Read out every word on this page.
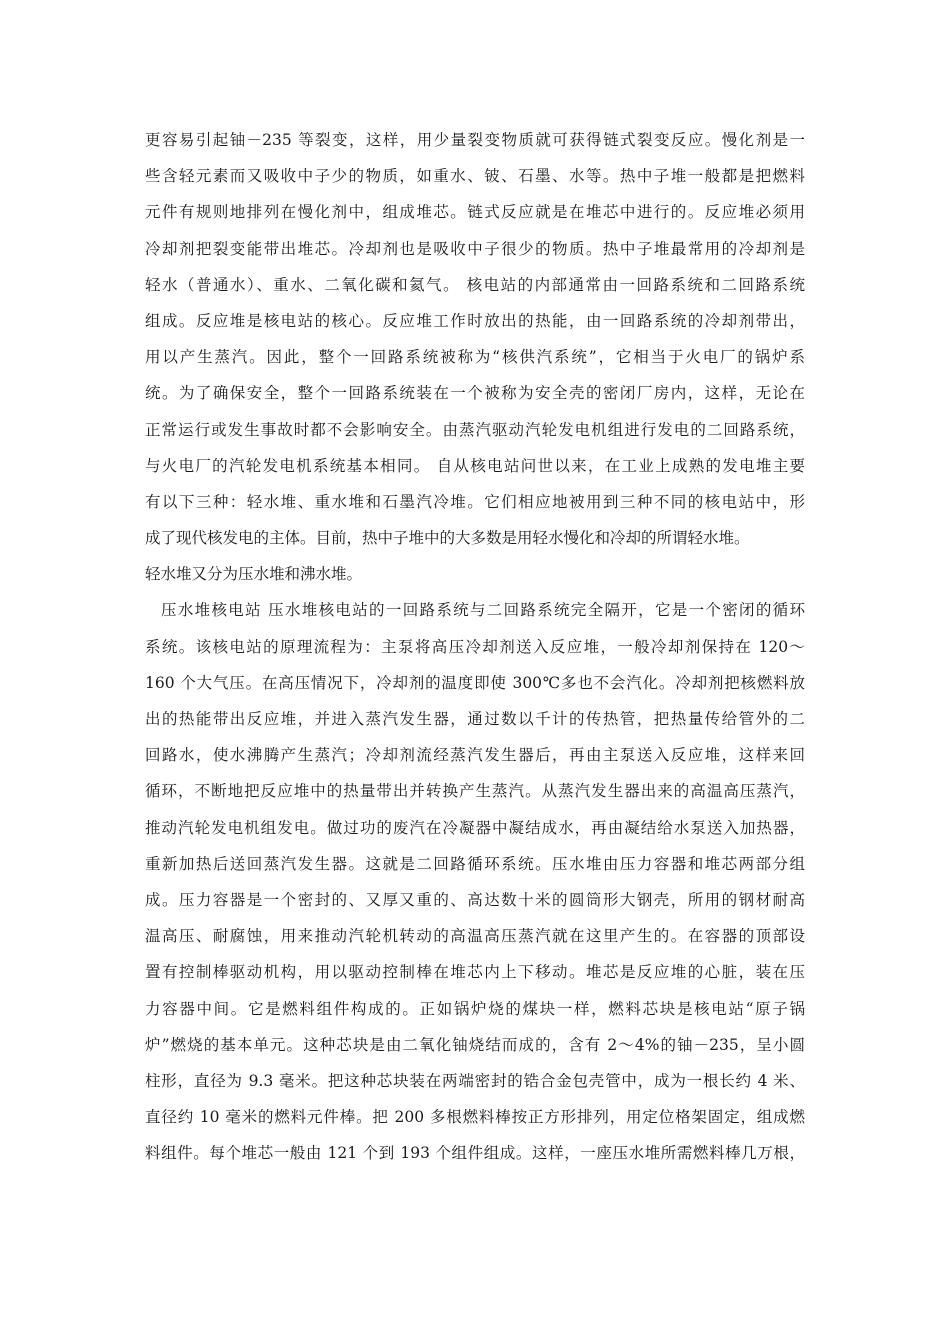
更容易引起铀－235 等裂变，这样，用少量裂变物质就可获得链式裂变反应。慢化剂是一
些含轻元素而又吸收中子少的物质，如重水、铍、石墨、水等。热中子堆一般都是把燃料
元件有规则地排列在慢化剂中，组成堆芯。链式反应就是在堆芯中进行的。反应堆必须用
冷却剂把裂变能带出堆芯。冷却剂也是吸收中子很少的物质。热中子堆最常用的冷却剂是
轻水（普通水）、重水、二氧化碳和氦气。 核电站的内部通常由一回路系统和二回路系统
组成。反应堆是核电站的核心。反应堆工作时放出的热能，由一回路系统的冷却剂带出，
用以产生蒸汽。因此，整个一回路系统被称为“核供汽系统”，它相当于火电厂的锅炉系
统。为了确保安全，整个一回路系统装在一个被称为安全壳的密闭厂房内，这样，无论在
正常运行或发生事故时都不会影响安全。由蒸汽驱动汽轮发电机组进行发电的二回路系统，
与火电厂的汽轮发电机系统基本相同。 自从核电站问世以来，在工业上成熟的发电堆主要
有以下三种：轻水堆、重水堆和石墨汽冷堆。它们相应地被用到三种不同的核电站中，形
成了现代核发电的主体。目前，热中子堆中的大多数是用轻水慢化和冷却的所谓轻水堆。
轻水堆又分为压水堆和沸水堆。
压水堆核电站 压水堆核电站的一回路系统与二回路系统完全隔开，它是一个密闭的循环
系统。该核电站的原理流程为：主泵将高压冷却剂送入反应堆，一般冷却剂保持在 120～
160 个大气压。在高压情况下，冷却剂的温度即使 300℃多也不会汽化。冷却剂把核燃料放
出的热能带出反应堆，并进入蒸汽发生器，通过数以千计的传热管，把热量传给管外的二
回路水，使水沸腾产生蒸汽；冷却剂流经蒸汽发生器后，再由主泵送入反应堆，这样来回
循环，不断地把反应堆中的热量带出并转换产生蒸汽。从蒸汽发生器出来的高温高压蒸汽，
推动汽轮发电机组发电。做过功的废汽在冷凝器中凝结成水，再由凝结给水泵送入加热器，
重新加热后送回蒸汽发生器。这就是二回路循环系统。压水堆由压力容器和堆芯两部分组
成。压力容器是一个密封的、又厚又重的、高达数十米的圆筒形大钢壳，所用的钢材耐高
温高压、耐腐蚀，用来推动汽轮机转动的高温高压蒸汽就在这里产生的。在容器的顶部设
置有控制棒驱动机构，用以驱动控制棒在堆芯内上下移动。堆芯是反应堆的心脏，装在压
力容器中间。它是燃料组件构成的。正如锅炉烧的煤块一样，燃料芯块是核电站“原子锅
炉”燃烧的基本单元。这种芯块是由二氧化铀烧结而成的，含有 2～4%的铀－235，呈小圆
柱形，直径为 9.3 毫米。把这种芯块装在两端密封的锆合金包壳管中，成为一根长约 4 米、
直径约 10 毫米的燃料元件棒。把 200 多根燃料棒按正方形排列，用定位格架固定，组成燃
料组件。每个堆芯一般由 121 个到 193 个组件组成。这样，一座压水堆所需燃料棒几万根，
